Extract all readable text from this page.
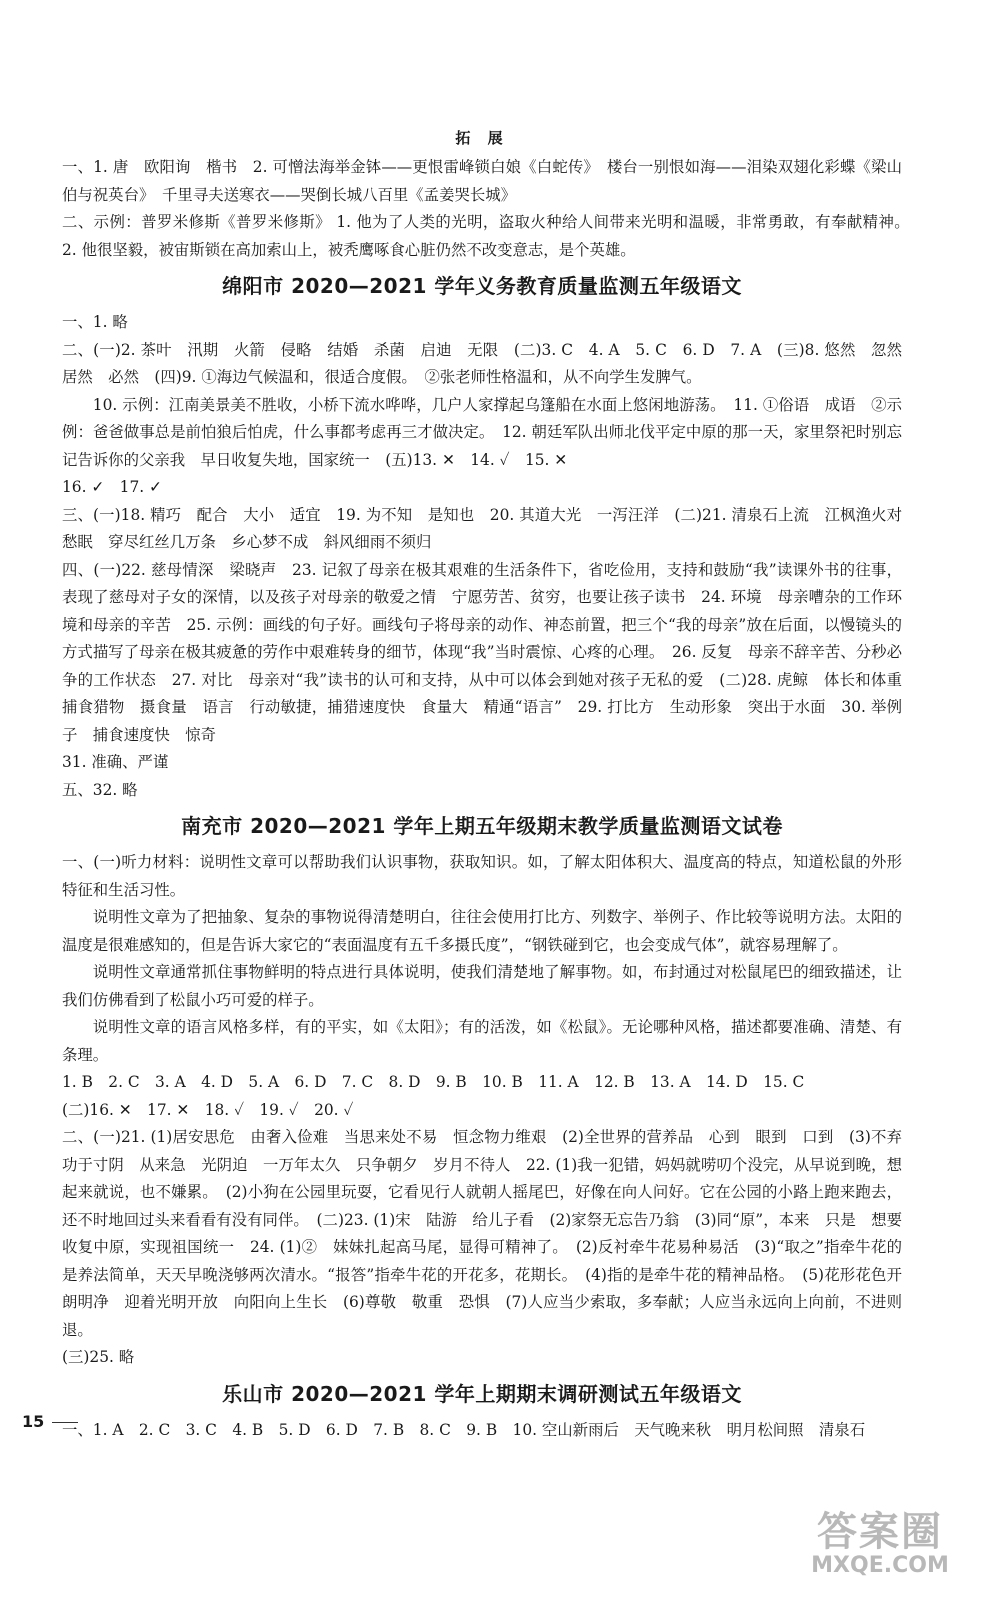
拓 展

一、1. 唐　欧阳询　楷书　2. 可憎法海举金钵——更恨雷峰锁白娘《白蛇传》　楼台一别恨如海——泪染双翅化彩蝶《梁山伯与祝英台》　千里寻夫送寒衣——哭倒长城八百里《孟姜哭长城》

二、示例：普罗米修斯《普罗米修斯》 1. 他为了人类的光明，盗取火种给人间带来光明和温暖，非常勇敢，有奉献精神。　2. 他很坚毅，被宙斯锁在高加索山上，被秃鹰啄食心脏仍然不改变意志，是个英雄。

绵阳市 2020—2021 学年义务教育质量监测五年级语文

一、1. 略

二、(一)2. 茶叶　汛期　火箭　侵略　结婚　杀菌　启迪　无限　(二)3. C　4. A　5. C　6. D　7. A　(三)8. 悠然　忽然　居然　必然　(四)9. ①海边气候温和，很适合度假。　②张老师性格温和，从不向学生发脾气。

10. 示例：江南美景美不胜收，小桥下流水哗哗，几户人家撑起乌篷船在水面上悠闲地游荡。　11. ①俗语　成语　②示例：爸爸做事总是前怕狼后怕虎，什么事都考虑再三才做决定。　12. 朝廷军队出师北伐平定中原的那一天，家里祭祀时别忘记告诉你的父亲我　早日收复失地，国家统一　(五)13. ✕　14. ✓　15. ✕

16. ✓　17. ✓

三、(一)18. 精巧　配合　大小　适宜　19. 为不知　是知也　20. 其道大光　一泻汪洋　(二)21. 清泉石上流　江枫渔火对愁眠　穿尽红丝几万条　乡心梦不成　斜风细雨不须归

四、(一)22. 慈母情深　梁晓声　23. 记叙了母亲在极其艰难的生活条件下，省吃俭用，支持和鼓励“我”读课外书的往事，表现了慈母对子女的深情，以及孩子对母亲的敬爱之情　宁愿劳苦、贫穷，也要让孩子读书　24. 环境　母亲嘈杂的工作环境和母亲的辛苦　25. 示例：画线的句子好。画线句子将母亲的动作、神态前置，把三个“我的母亲”放在后面，以慢镜头的方式描写了母亲在极其疲惫的劳作中艰难转身的细节，体现“我”当时震惊、心疼的心理。　26. 反复　母亲不辞辛苦、分秒必争的工作状态　27. 对比　母亲对“我”读书的认可和支持，从中可以体会到她对孩子无私的爱　(二)28. 虎鲸　体长和体重　捕食猎物　摄食量　语言　行动敏捷，捕猎速度快　食量大　精通“语言”　29. 打比方　生动形象　突出于水面　30. 举例子　捕食速度快　惊奇

31. 准确、严谨

五、32. 略

南充市 2020—2021 学年上期五年级期末教学质量监测语文试卷

一、(一)听力材料：说明性文章可以帮助我们认识事物，获取知识。如，了解太阳体积大、温度高的特点，知道松鼠的外形特征和生活习性。

说明性文章为了把抽象、复杂的事物说得清楚明白，往往会使用打比方、列数字、举例子、作比较等说明方法。太阳的温度是很难感知的，但是告诉大家它的“表面温度有五千多摄氏度”，“钢铁碰到它，也会变成气体”，就容易理解了。

说明性文章通常抓住事物鲜明的特点进行具体说明，使我们清楚地了解事物。如，布封通过对松鼠尾巴的细致描述，让我们仿佛看到了松鼠小巧可爱的样子。

说明性文章的语言风格多样，有的平实，如《太阳》；有的活泼，如《松鼠》。无论哪种风格，描述都要准确、清楚、有条理。

1. B　2. C　3. A　4. D　5. A　6. D　7. C　8. D　9. B　10. B　11. A　12. B　13. A　14. D　15. C

(二)16. ✕　17. ✕　18. ✓　19. ✓　20. ✓

二、(一)21. (1)居安思危　由奢入俭难　当思来处不易　恒念物力维艰　(2)全世界的营养品　心到　眼到　口到　(3)不弃功于寸阴　从来急　光阴迫　一万年太久　只争朝夕　岁月不待人　22. (1)我一犯错，妈妈就唠叨个没完，从早说到晚，想起来就说，也不嫌累。　(2)小狗在公园里玩耍，它看见行人就朝人摇尾巴，好像在向人问好。它在公园的小路上跑来跑去，还不时地回过头来看看有没有同伴。　(二)23. (1)宋　陆游　给儿子看　(2)家祭无忘告乃翁　(3)同“原”，本来　只是　想要收复中原，实现祖国统一　24. (1)②　妹妹扎起高马尾，显得可精神了。　(2)反衬牵牛花易种易活　(3)“取之”指牵牛花的是养法简单，天天早晚浇够两次清水。“报答”指牵牛花的开花多，花期长。　(4)指的是牵牛花的精神品格。　(5)花形花色开朗明净　迎着光明开放　向阳向上生长　(6)尊敬　敬重　恐惧　(7)人应当少索取，多奉献；人应当永远向上向前，不进则退。

(三)25. 略

乐山市 2020—2021 学年上期期末调研测试五年级语文

一、1. A　2. C　3. C　4. B　5. D　6. D　7. B　8. C　9. B　10. 空山新雨后　天气晚来秋　明月松间照　清泉石

15
答案圈
MXQE.COM
